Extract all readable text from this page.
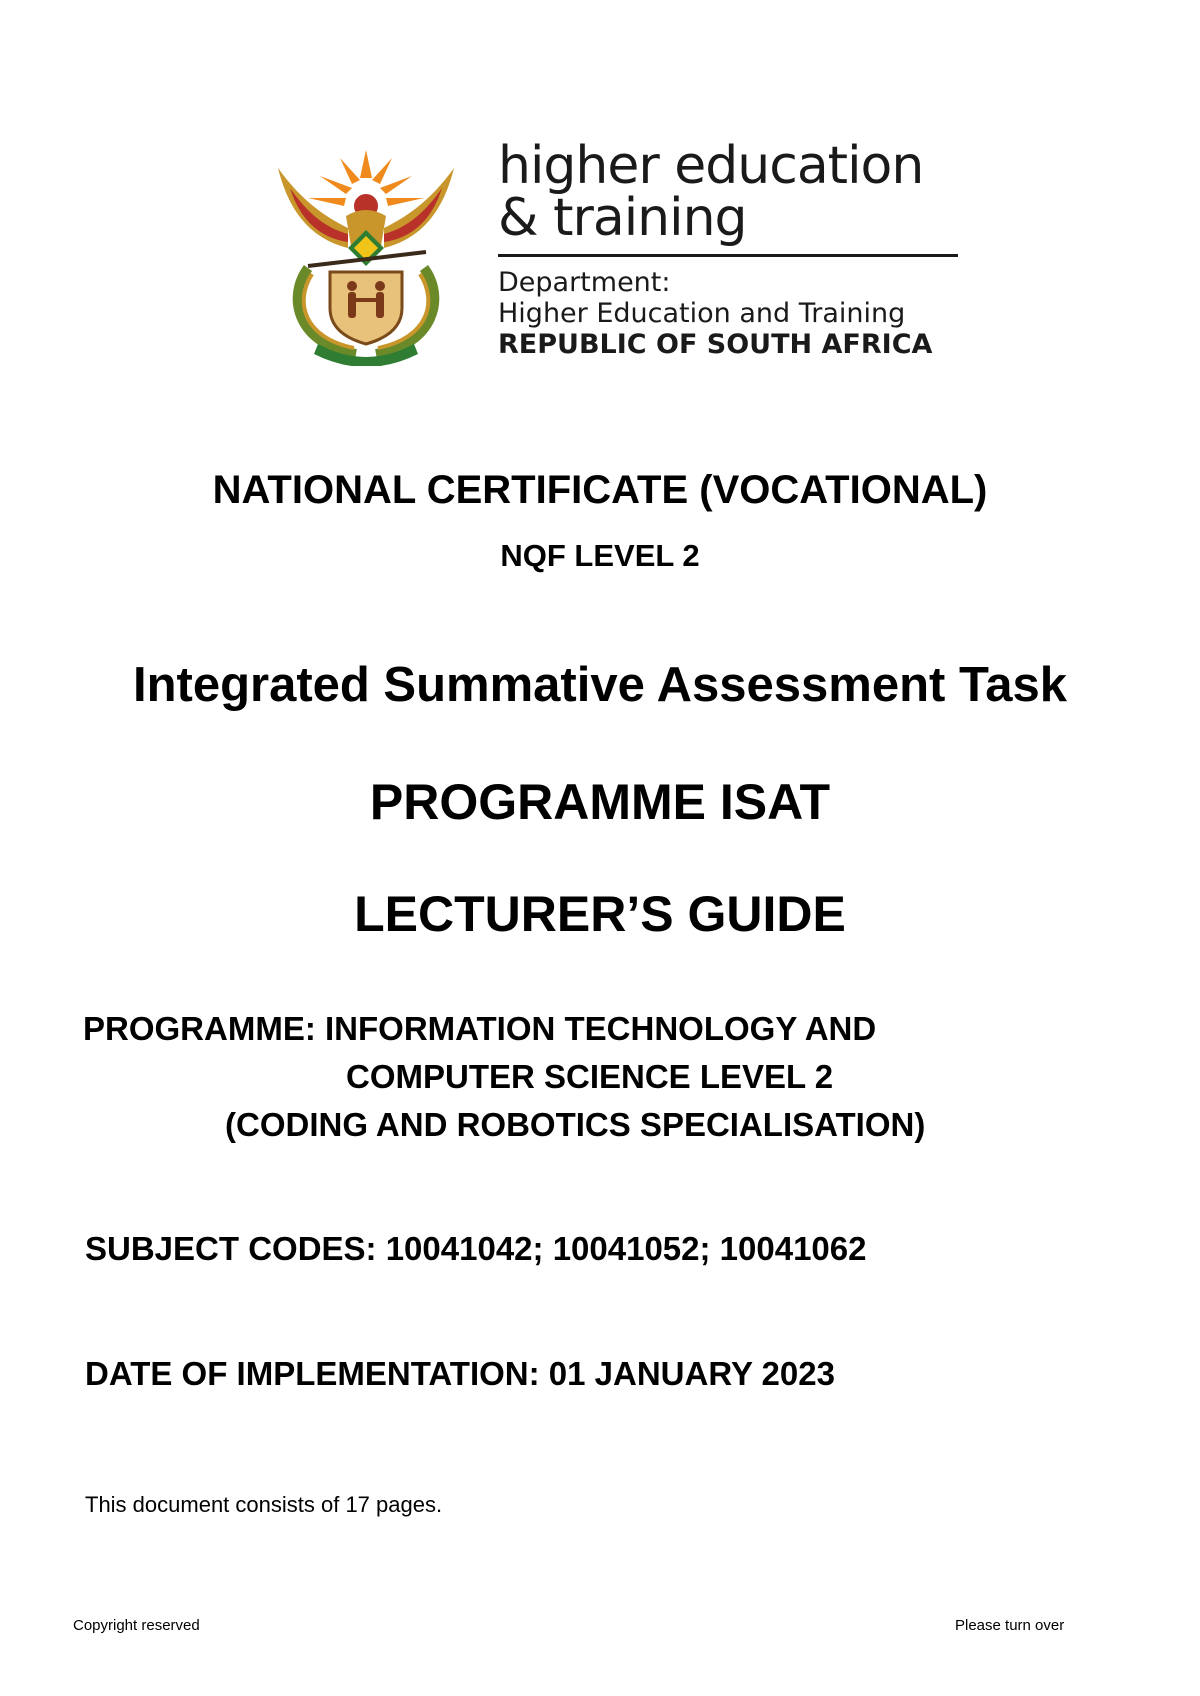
higher education
& training
Department:
Higher Education and Training
REPUBLIC OF SOUTH AFRICA
NATIONAL CERTIFICATE (VOCATIONAL)
NQF LEVEL 2
Integrated Summative Assessment Task
PROGRAMME ISAT
LECTURER’S GUIDE
PROGRAMME: INFORMATION TECHNOLOGY AND
COMPUTER SCIENCE LEVEL 2
(CODING AND ROBOTICS SPECIALISATION)
SUBJECT CODES: 10041042; 10041052; 10041062
DATE OF IMPLEMENTATION: 01 JANUARY 2023
This document consists of 17 pages.
Copyright reserved	Please turn over
